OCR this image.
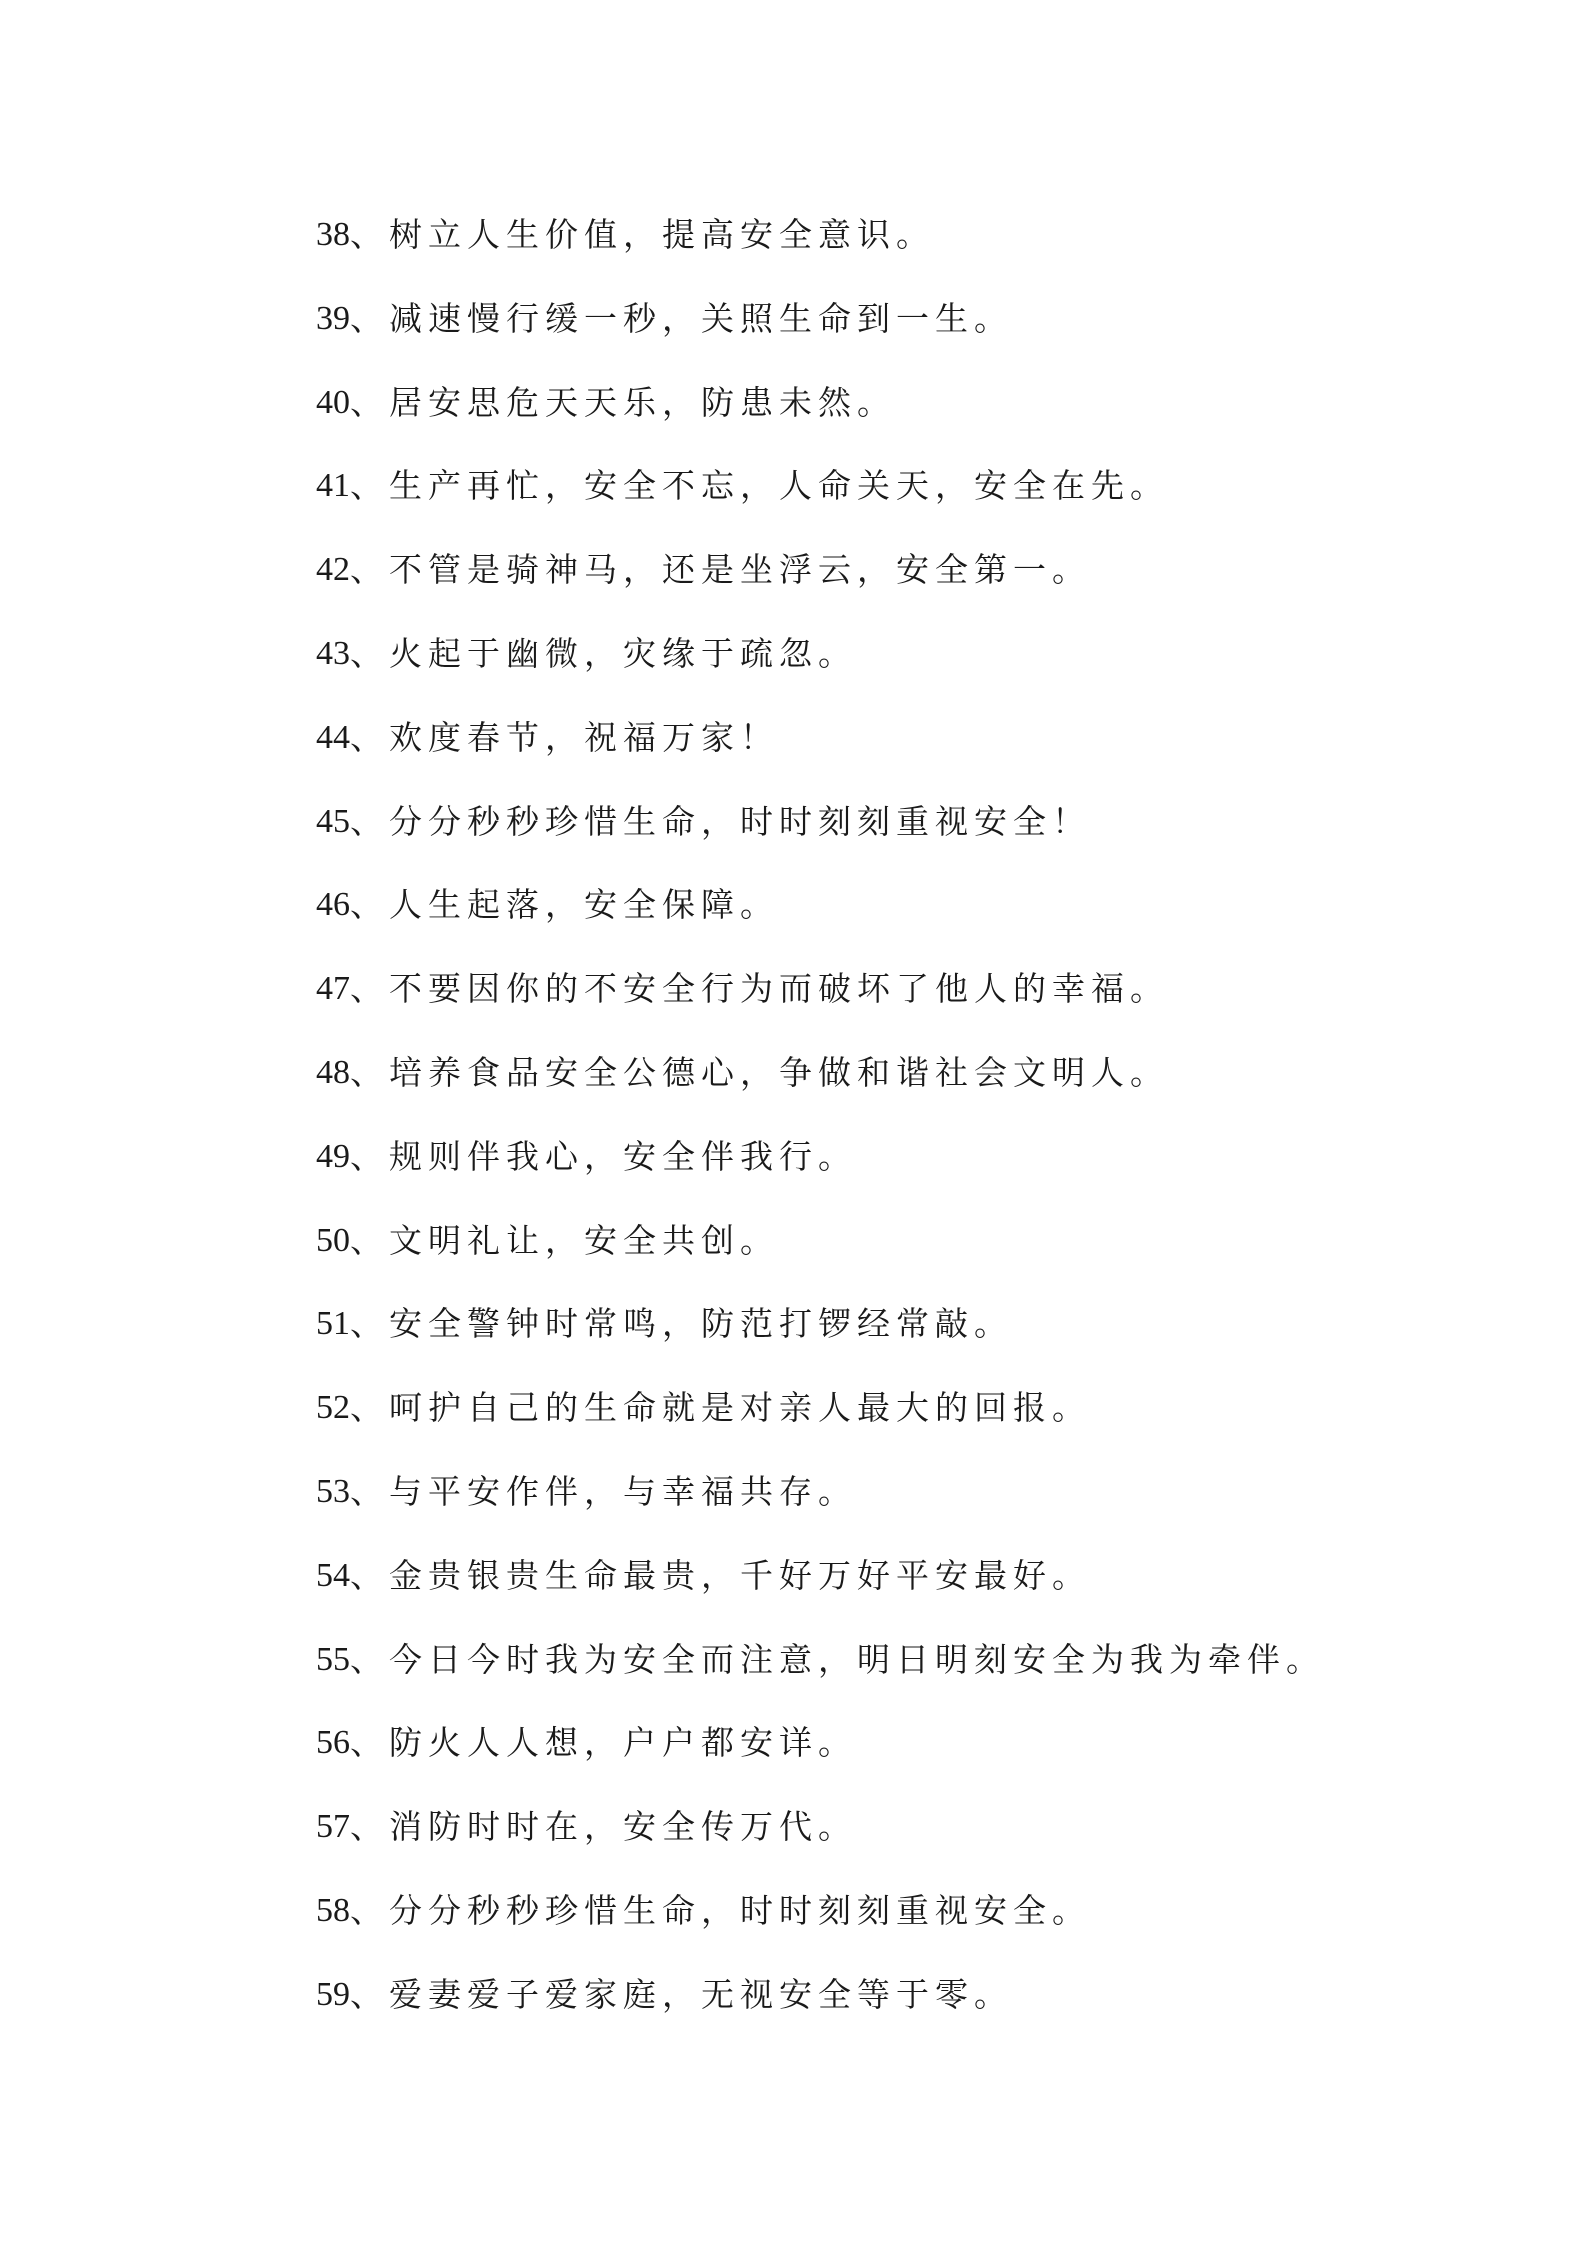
38 、 树立人生价值，提高安全意识。
39 、 减速慢行缓一秒，关照生命到一生。
40 、 居安思危天天乐，防患未然。
41 、 生产再忙，安全不忘，人命关天，安全在先。
42 、 不管是骑神马，还是坐浮云，安全第一。
43 、 火起于幽微，灾缘于疏忽。
44 、 欢度春节，祝福万家！
45 、 分分秒秒珍惜生命，时时刻刻重视安全！
46 、 人生起落，安全保障。
47 、 不要因你的不安全行为而破坏了他人的幸福。
48 、 培养食品安全公德心，争做和谐社会文明人。
49 、 规则伴我心，安全伴我行。
50 、 文明礼让，安全共创。
51 、 安全警钟时常鸣，防范打锣经常敲。
52 、 呵护自己的生命就是对亲人最大的回报。
53 、 与平安作伴，与幸福共存。
54 、 金贵银贵生命最贵，千好万好平安最好。
55 、 今日今时我为安全而注意，明日明刻安全为我为牵伴。
56 、 防火人人想，户户都安详。
57 、 消防时时在，安全传万代。
58 、 分分秒秒珍惜生命，时时刻刻重视安全。
59 、 爱妻爱子爱家庭，无视安全等于零。
